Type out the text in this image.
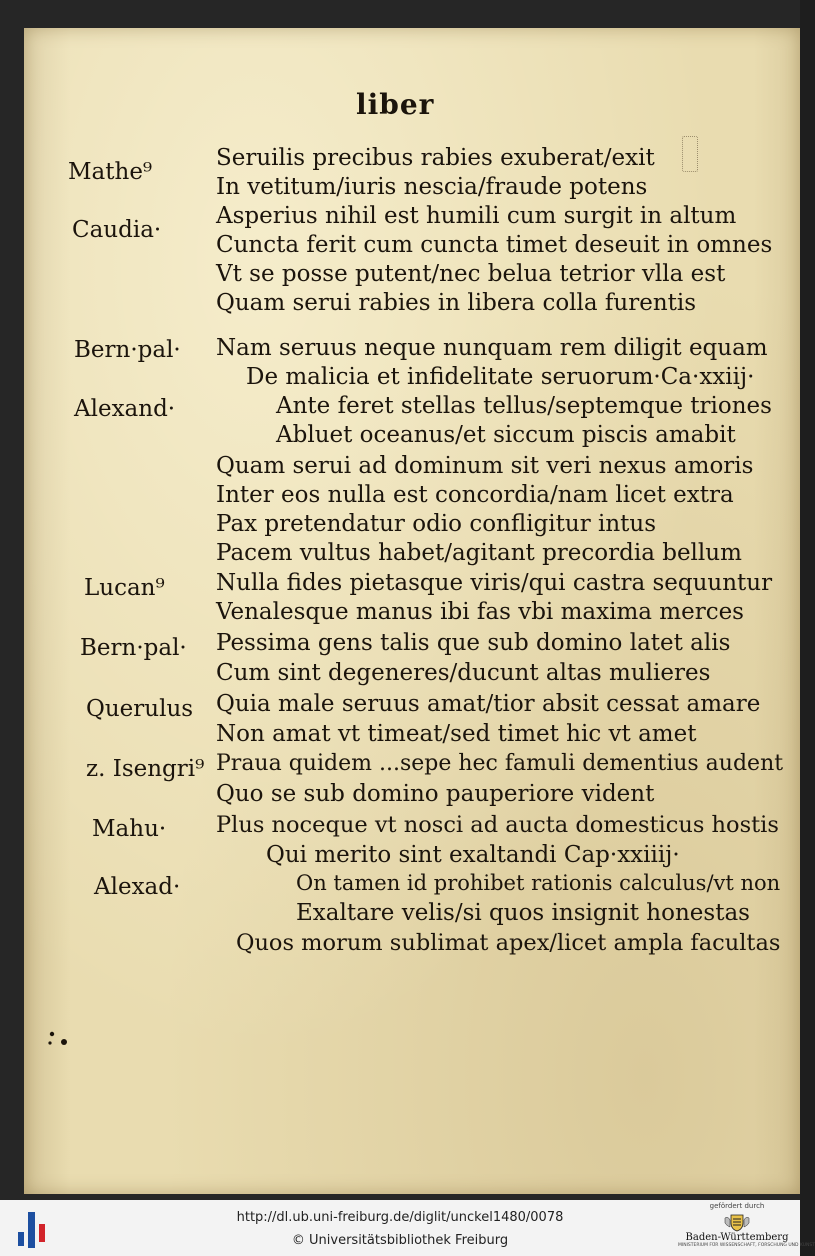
liber
Seruilis precibus rabies exuberat/exit
In vetitum/iuris nescia/fraude potens
Asperius nihil est humili cum surgit in altum
Cuncta ferit cum cuncta timet deseuit in omnes
Vt se posse putent/nec belua tetrior vlla est
Quam serui rabies in libera colla furentis
Nam seruus neque nunquam rem diligit equam
De malicia et infidelitate seruorum·Ca·xxiij·
Ante feret stellas tellus/septemque triones
Abluet oceanus/et siccum piscis amabit
Quam serui ad dominum sit veri nexus amoris
Inter eos nulla est concordia/nam licet extra
Pax pretendatur odio confligitur intus
Pacem vultus habet/agitant precordia bellum
Nulla fides pietasque viris/qui castra sequuntur
Venalesque manus ibi fas vbi maxima merces
Pessima gens talis que sub domino latet alis
Cum sint degeneres/ducunt altas mulieres
Quia male seruus amat/tior absit cessat amare
Non amat vt timeat/sed timet hic vt amet
Praua quidem ...sepe hec famuli dementius audent
Quo se sub domino pauperiore vident
Plus noceque vt nosci ad aucta domesticus hostis
Qui merito sint exaltandi Cap·xxiiij·
On tamen id prohibet rationis calculus/vt non
Exaltare velis/si quos insignit honestas
Quos morum sublimat apex/licet ampla facultas
Mathe⁹
Caudia·
Bern·pal·
Alexand·
Lucan⁹
Bern·pal·
Querulus
z. Isengri⁹
Mahu·
Alexad·
http://dl.ub.uni-freiburg.de/diglit/unckel1480/0078
© Universitätsbibliothek Freiburg
gefördert durch
Baden-Württemberg
MINISTERIUM FÜR WISSENSCHAFT, FORSCHUNG UND KUNST
